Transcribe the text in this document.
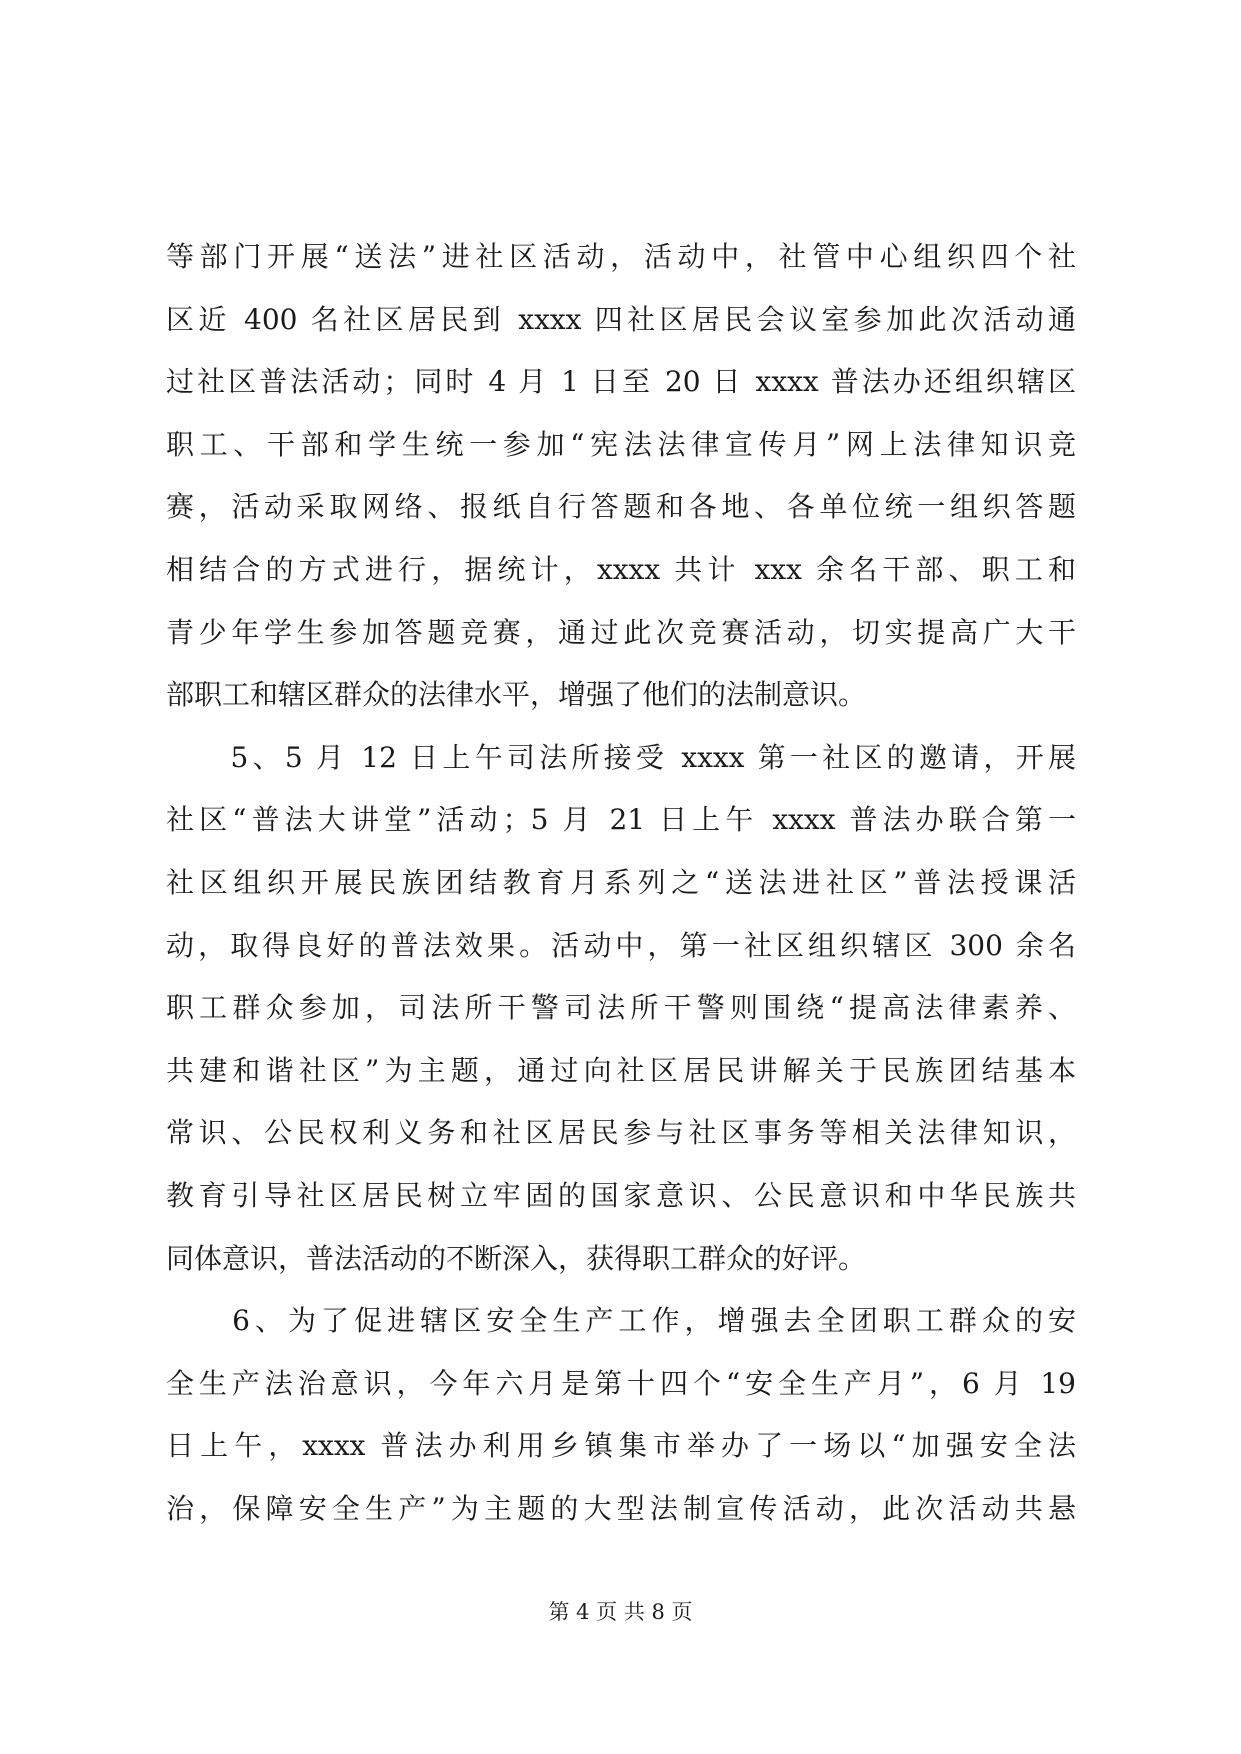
等部门开展“送法”进社区活动，活动中，社管中心组织四个社
区近 400 名社区居民到 xxxx 四社区居民会议室参加此次活动通
过社区普法活动；同时 4 月 1 日至 20 日 xxxx 普法办还组织辖区
职工、干部和学生统一参加“宪法法律宣传月”网上法律知识竞
赛，活动采取网络、报纸自行答题和各地、各单位统一组织答题
相结合的方式进行，据统计，xxxx 共计 xxx 余名干部、职工和
青少年学生参加答题竞赛，通过此次竞赛活动，切实提高广大干
部职工和辖区群众的法律水平，增强了他们的法制意识。
　　5、5 月 12 日上午司法所接受 xxxx 第一社区的邀请，开展
社区“普法大讲堂”活动；5 月 21 日上午 xxxx 普法办联合第一
社区组织开展民族团结教育月系列之“送法进社区”普法授课活
动，取得良好的普法效果。活动中，第一社区组织辖区 300 余名
职工群众参加，司法所干警司法所干警则围绕“提高法律素养、
共建和谐社区”为主题，通过向社区居民讲解关于民族团结基本
常识、公民权利义务和社区居民参与社区事务等相关法律知识，
教育引导社区居民树立牢固的国家意识、公民意识和中华民族共
同体意识，普法活动的不断深入，获得职工群众的好评。
　　6、为了促进辖区安全生产工作，增强去全团职工群众的安
全生产法治意识，今年六月是第十四个“安全生产月”，6 月 19
日上午，xxxx 普法办利用乡镇集市举办了一场以“加强安全法
治，保障安全生产”为主题的大型法制宣传活动，此次活动共悬
第 4 页 共 8 页
